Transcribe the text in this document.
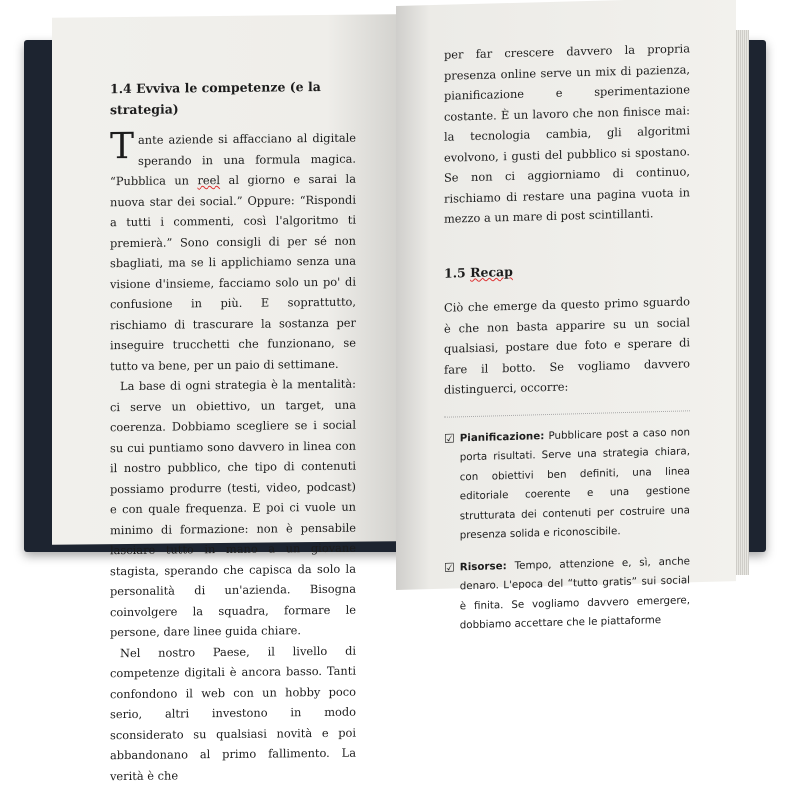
1.4 Evviva le competenze (e la strategia)

Tante aziende si affacciano al digitale sperando in una formula magica. “Pubblica un reel al giorno e sarai la nuova star dei social.” Oppure: “Rispondi a tutti i commenti, così l'algoritmo ti premierà.” Sono consigli di per sé non sbagliati, ma se li applichiamo senza una visione d'insieme, facciamo solo un po' di confusione in più. E soprattutto, rischiamo di trascurare la sostanza per inseguire trucchetti che funzionano, se tutto va bene, per un paio di settimane.

La base di ogni strategia è la mentalità: ci serve un obiettivo, un target, una coerenza. Dobbiamo scegliere se i social su cui puntiamo sono davvero in linea con il nostro pubblico, che tipo di contenuti possiamo produrre (testi, video, podcast) e con quale frequenza. E poi ci vuole un minimo di formazione: non è pensabile lasciare tutto in mano a un giovane stagista, sperando che capisca da solo la personalità di un'azienda. Bisogna coinvolgere la squadra, formare le persone, dare linee guida chiare.

Nel nostro Paese, il livello di competenze digitali è ancora basso. Tanti confondono il web con un hobby poco serio, altri investono in modo sconsiderato su qualsiasi novità e poi abbandonano al primo fallimento. La verità è che

per far crescere davvero la propria presenza online serve un mix di pazienza, pianificazione e sperimentazione costante. È un lavoro che non finisce mai: la tecnologia cambia, gli algoritmi evolvono, i gusti del pubblico si spostano. Se non ci aggiorniamo di continuo, rischiamo di restare una pagina vuota in mezzo a un mare di post scintillanti.

1.5 Recap

Ciò che emerge da questo primo sguardo è che non basta apparire su un social qualsiasi, postare due foto e sperare di fare il botto. Se vogliamo davvero distinguerci, occorre:

☑ Pianificazione: Pubblicare post a caso non porta risultati. Serve una strategia chiara, con obiettivi ben definiti, una linea editoriale coerente e una gestione strutturata dei contenuti per costruire una presenza solida e riconoscibile.
☑ Risorse: Tempo, attenzione e, sì, anche denaro. L'epoca del “tutto gratis” sui social è finita. Se vogliamo davvero emergere, dobbiamo accettare che le piattaforme
